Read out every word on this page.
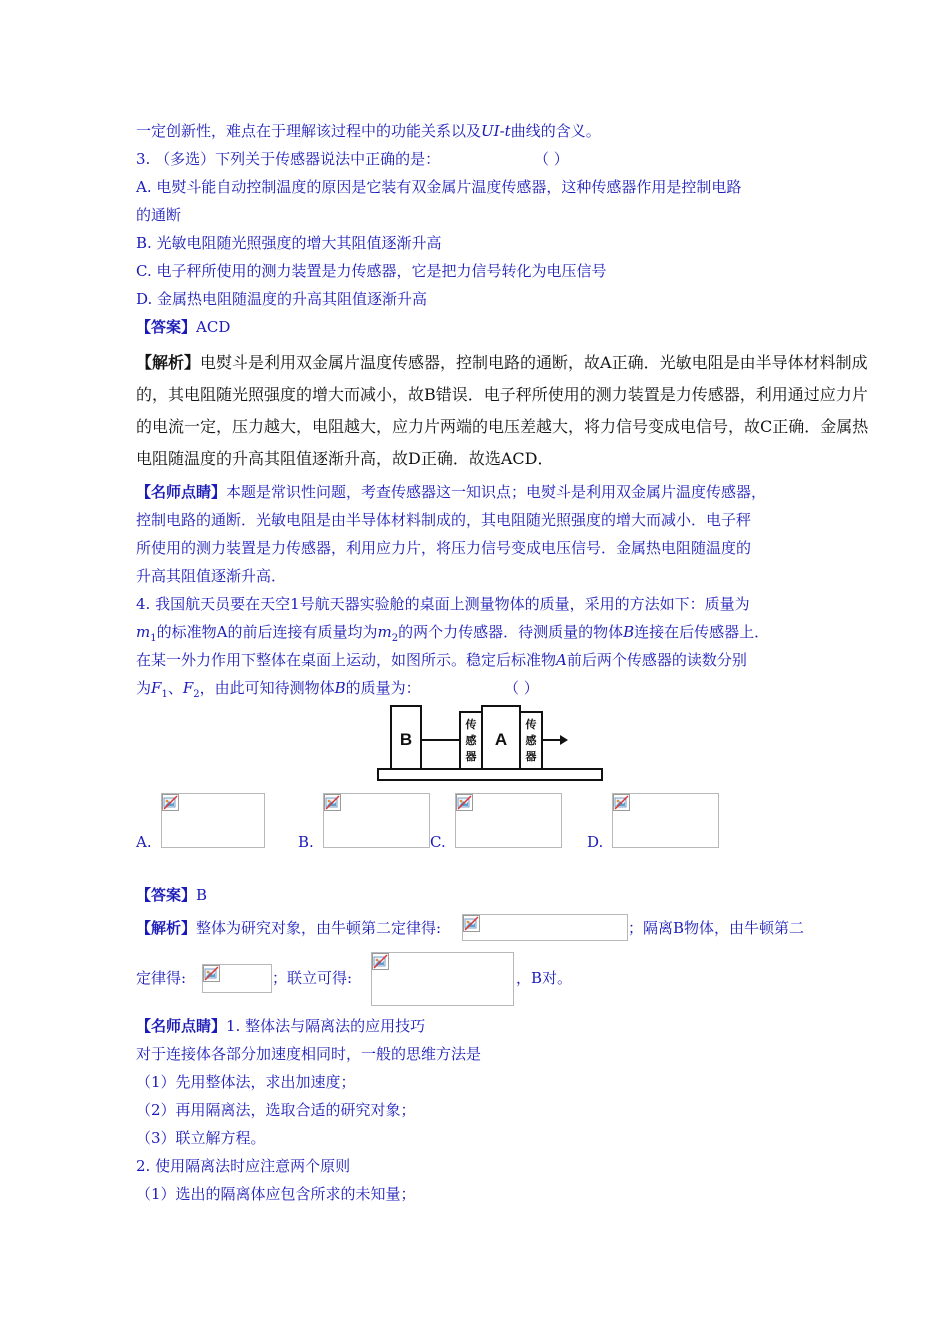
一定创新性，难点在于理解该过程中的功能关系以及UI-t曲线的含义。
3. （多选）下列关于传感器说法中正确的是：	（ ）
A. 电熨斗能自动控制温度的原因是它装有双金属片温度传感器，这种传感器作用是控制电路
的通断
B. 光敏电阻随光照强度的增大其阻值逐渐升高
C. 电子秤所使用的测力装置是力传感器，它是把力信号转化为电压信号
D. 金属热电阻随温度的升高其阻值逐渐升高
【答案】ACD
【解析】电熨斗是利用双金属片温度传感器，控制电路的通断，故A正确．光敏电阻是由半导体材料制成
的，其电阻随光照强度的增大而减小，故B错误．电子秤所使用的测力装置是力传感器，利用通过应力片
的电流一定，压力越大，电阻越大，应力片两端的电压差越大，将力信号变成电信号，故C正确．金属热
电阻随温度的升高其阻值逐渐升高，故D正确．故选ACD．
【名师点睛】本题是常识性问题，考查传感器这一知识点；电熨斗是利用双金属片温度传感器，
控制电路的通断．光敏电阻是由半导体材料制成的，其电阻随光照强度的增大而减小．电子秤
所使用的测力装置是力传感器，利用应力片，将压力信号变成电压信号．金属热电阻随温度的
升高其阻值逐渐升高．
4. 我国航天员要在天空1号航天器实验舱的桌面上测量物体的质量，采用的方法如下：质量为
$m_1$的标准物A的前后连接有质量均为$m_2$的两个力传感器．待测质量的物体B连接在后传感器上．
在某一外力作用下整体在桌面上运动，如图所示。稳定后标准物A前后两个传感器的读数分别
为$F_1$、$F_2$，由此可知待测物体B的质量为：	（ ）
B
传
感
器
A
传
感
器
A.	B.	C.	D.
【答案】B
【解析】整体为研究对象，由牛顿第二定律得:	；隔离B物体，由牛顿第二
定律得:	；联立可得:	，B对。
【名师点睛】1. 整体法与隔离法的应用技巧
对于连接体各部分加速度相同时，一般的思维方法是
（1）先用整体法，求出加速度；
（2）再用隔离法，选取合适的研究对象；
（3）联立解方程。
2. 使用隔离法时应注意两个原则
（1）选出的隔离体应包含所求的未知量；
